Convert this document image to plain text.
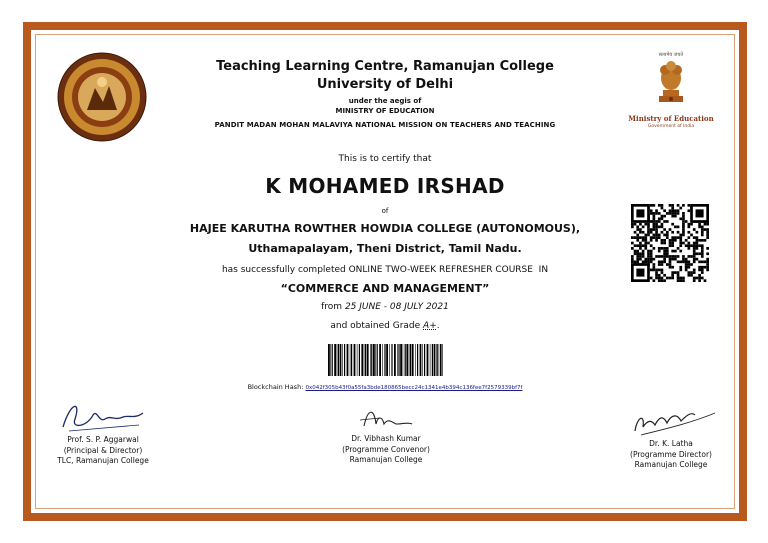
Teaching Learning Centre, Ramanujan College
University of Delhi
under the aegis of
MINISTRY OF EDUCATION
PANDIT MADAN MOHAN MALAVIYA NATIONAL MISSION ON TEACHERS AND TEACHING
सत्यमेव जयते
Ministry of Education
Government of India
This is to certify that
K MOHAMED IRSHAD
of
HAJEE KARUTHA ROWTHER HOWDIA COLLEGE (AUTONOMOUS),
Uthamapalayam, Theni District, Tamil Nadu.
has successfully completed ONLINE TWO-WEEK REFRESHER COURSE  IN
“COMMERCE AND MANAGEMENT”
from 25 JUNE - 08 JULY 2021
and obtained Grade A+.
Blockchain Hash: 0x042f305b43f0a55fa3bde180865becc24c1341e4b394c136fee7f2579339bf7f
Prof. S. P. Aggarwal
(Principal & Director)
TLC, Ramanujan College
Dr. Vibhash Kumar
(Programme Convenor)
Ramanujan College
Dr. K. Latha
(Programme Director)
Ramanujan College
